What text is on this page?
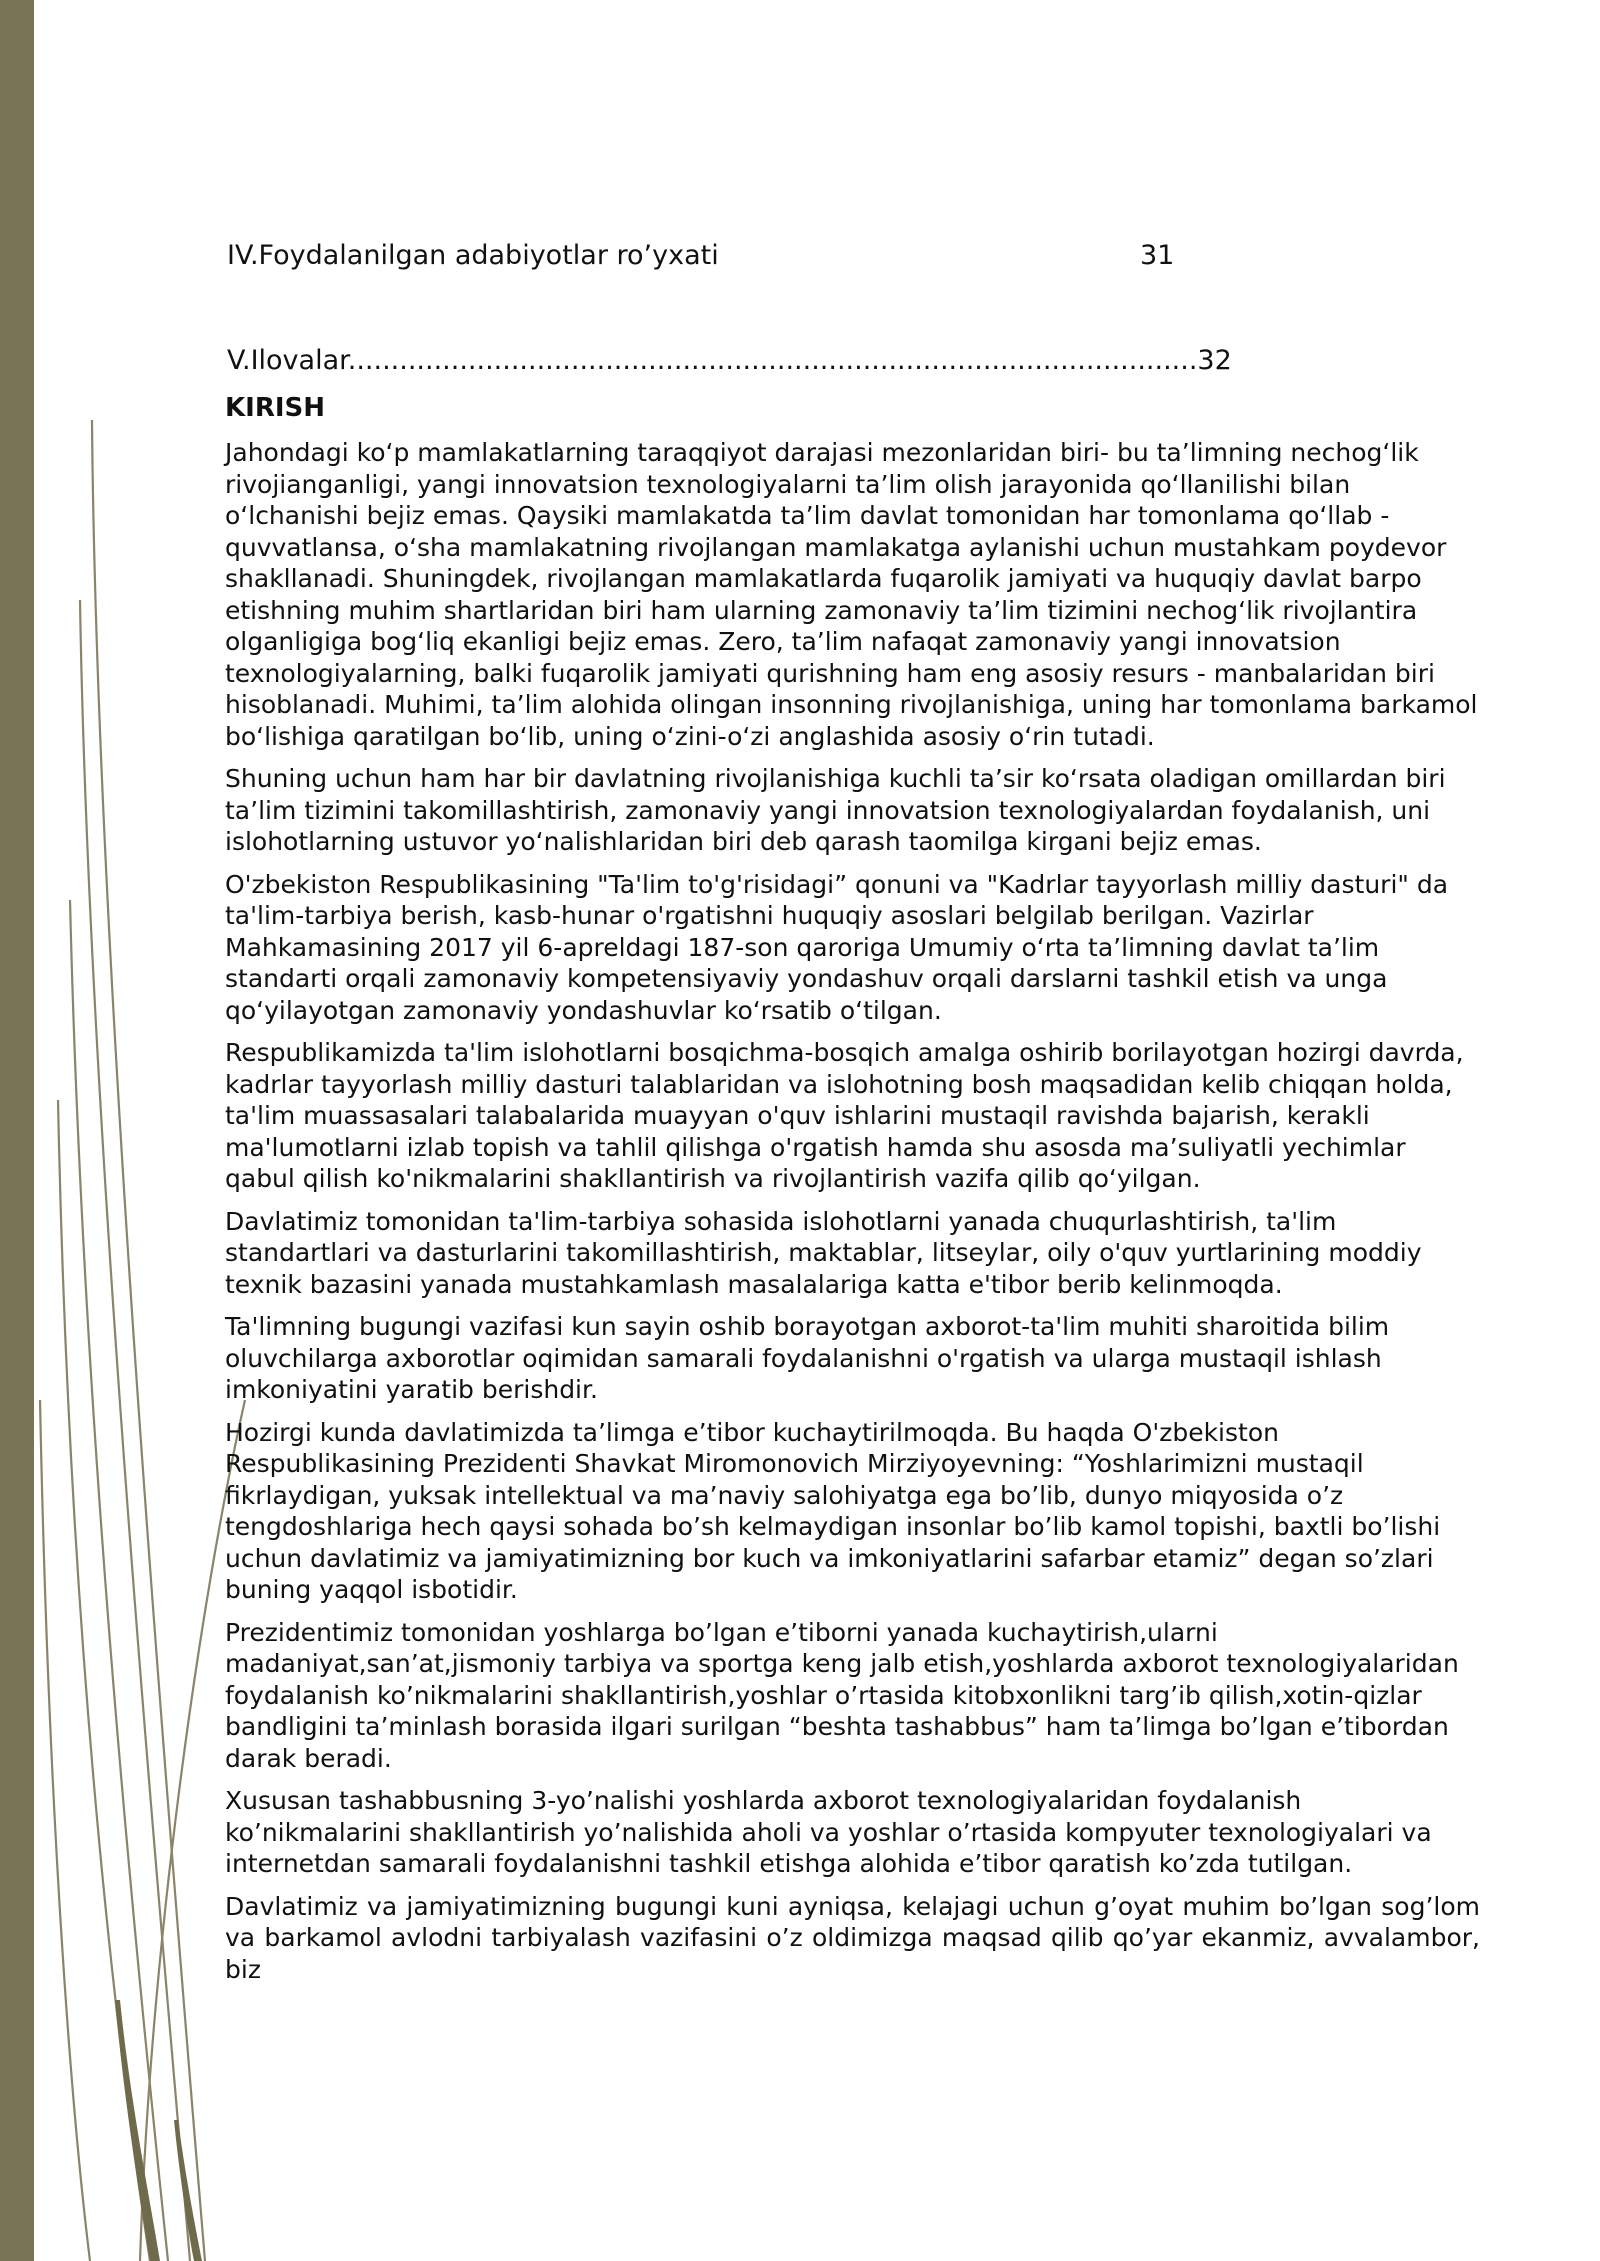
IV.Foydalanilgan adabiyotlar ro’yxati	31
V.Ilovalar...................................................................................................32
KIRISH

Jahondagi ko‘p mamlakatlarning taraqqiyot darajasi mezonlaridan biri- bu ta’limning nechog‘lik rivojianganligi, yangi innovatsion texnologiyalarni ta’lim olish jarayonida qo‘llanilishi bilan o‘lchanishi bejiz emas. Qaysiki mamlakatda ta’lim davlat tomonidan har tomonlama qo‘llab - quvvatlansa, o‘sha mamlakatning rivojlangan mamlakatga aylanishi uchun mustahkam poydevor shakllanadi. Shuningdek, rivojlangan mamlakatlarda fuqarolik jamiyati va huquqiy davlat barpo etishning muhim shartlaridan biri ham ularning zamonaviy ta’lim tizimini nechog‘lik rivojlantira olganligiga bog‘liq ekanligi bejiz emas. Zero, ta’lim nafaqat zamonaviy yangi innovatsion texnologiyalarning, balki fuqarolik jamiyati qurishning ham eng asosiy resurs - manbalaridan biri hisoblanadi. Muhimi, ta’lim alohida olingan insonning rivojlanishiga, uning har tomonlama barkamol bo‘lishiga qaratilgan bo‘lib, uning o‘zini-o‘zi anglashida asosiy o‘rin tutadi.

Shuning uchun ham har bir davlatning rivojlanishiga kuchli ta’sir ko‘rsata oladigan omillardan biri ta’lim tizimini takomillashtirish, zamonaviy yangi innovatsion texnologiyalardan foydalanish, uni islohotlarning ustuvor yo‘nalishlaridan biri deb qarash taomilga kirgani bejiz emas.

O'zbekiston Respublikasining "Ta'lim to'g'risidagi” qonuni va "Kadrlar tayyorlash milliy dasturi" da ta'lim-tarbiya berish, kasb-hunar o'rgatishni huquqiy asoslari belgilab berilgan. Vazirlar Mahkamasining 2017 yil 6-apreldagi 187-son qaroriga Umumiy o‘rta ta’limning davlat ta’lim standarti orqali zamonaviy kompetensiyaviy yondashuv orqali darslarni tashkil etish va unga qo‘yilayotgan zamonaviy yondashuvlar ko‘rsatib o‘tilgan.

Respublikamizda ta'lim islohotlarni bosqichma-bosqich amalga oshirib borilayotgan hozirgi davrda, kadrlar tayyorlash milliy dasturi talablaridan va islohotning bosh maqsadidan kelib chiqqan holda, ta'lim muassasalari talabalarida muayyan o'quv ishlarini mustaqil ravishda bajarish, kerakli ma'lumotlarni izlab topish va tahlil qilishga o'rgatish hamda shu asosda ma’suliyatli yechimlar qabul qilish ko'nikmalarini shakllantirish va rivojlantirish vazifa qilib qo‘yilgan.

Davlatimiz tomonidan ta'lim-tarbiya sohasida islohotlarni yanada chuqurlashtirish, ta'lim standartlari va dasturlarini takomillashtirish, maktablar, litseylar, oily o'quv yurtlarining moddiy texnik bazasini yanada mustahkamlash masalalariga katta e'tibor berib kelinmoqda.

Ta'limning bugungi vazifasi kun sayin oshib borayotgan axborot-ta'lim muhiti sharoitida bilim oluvchilarga axborotlar oqimidan samarali foydalanishni o'rgatish va ularga mustaqil ishlash imkoniyatini yaratib berishdir.

Hozirgi kunda davlatimizda ta’limga e’tibor kuchaytirilmoqda. Bu haqda O'zbekiston Respublikasining Prezidenti Shavkat Miromonovich Mirziyoyevning: “Yoshlarimizni mustaqil fikrlaydigan, yuksak intellektual va ma’naviy salohiyatga ega bo’lib, dunyo miqyosida o’z tengdoshlariga hech qaysi sohada bo’sh kelmaydigan insonlar bo’lib kamol topishi, baxtli bo’lishi uchun davlatimiz va jamiyatimizning bor kuch va imkoniyatlarini safarbar etamiz” degan so’zlari buning yaqqol isbotidir.

Prezidentimiz tomonidan yoshlarga bo’lgan e’tiborni yanada kuchaytirish,ularni madaniyat,san’at,jismoniy tarbiya va sportga keng jalb etish,yoshlarda axborot texnologiyalaridan foydalanish ko’nikmalarini shakllantirish,yoshlar o’rtasida kitobxonlikni targ’ib qilish,xotin-qizlar bandligini ta’minlash borasida ilgari surilgan “beshta tashabbus” ham ta’limga bo’lgan e’tibordan darak beradi.

Xususan tashabbusning 3-yo’nalishi yoshlarda axborot texnologiyalaridan foydalanish ko’nikmalarini shakllantirish yo’nalishida aholi va yoshlar o’rtasida kompyuter texnologiyalari va internetdan samarali foydalanishni tashkil etishga alohida e’tibor qaratish ko’zda tutilgan.

Davlatimiz va jamiyatimizning bugungi kuni ayniqsa, kelajagi uchun g’oyat muhim bo’lgan sog’lom va barkamol avlodni tarbiyalash vazifasini o’z oldimizga maqsad qilib qo’yar ekanmiz, avvalambor, biz
